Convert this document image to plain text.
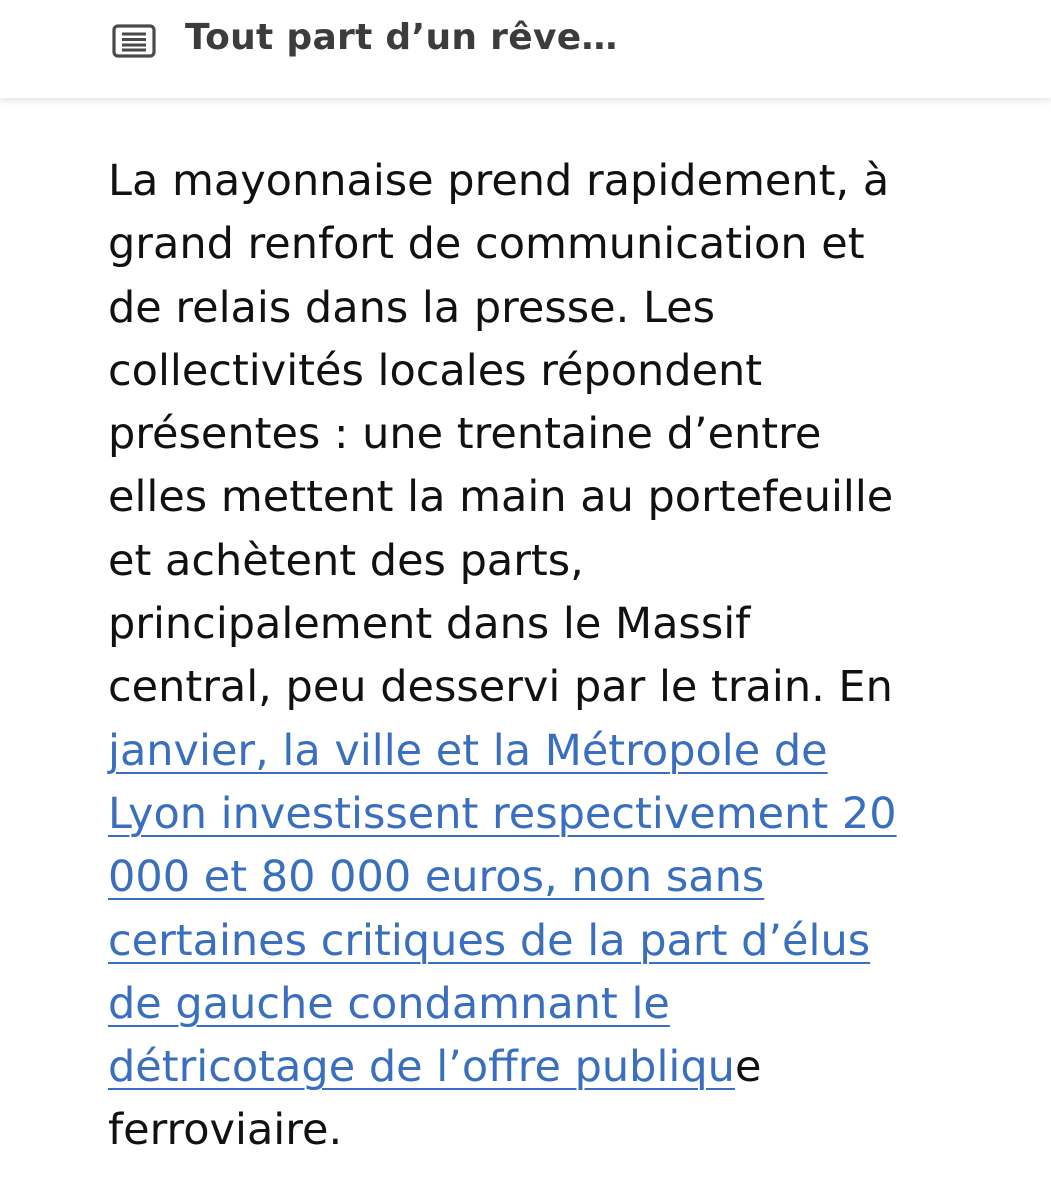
Tout part d’un rêve…
La mayonnaise prend rapidement, à
grand renfort de communication et
de relais dans la presse. Les
collectivités locales répondent
présentes : une trentaine d’entre
elles mettent la main au portefeuille
et achètent des parts,
principalement dans le Massif
central, peu desservi par le train. En
janvier, la ville et la Métropole de
Lyon investissent respectivement 20
000 et 80 000 euros, non sans
certaines critiques de la part d’élus
de gauche condamnant le
détricotage de l’offre publique
ferroviaire.
